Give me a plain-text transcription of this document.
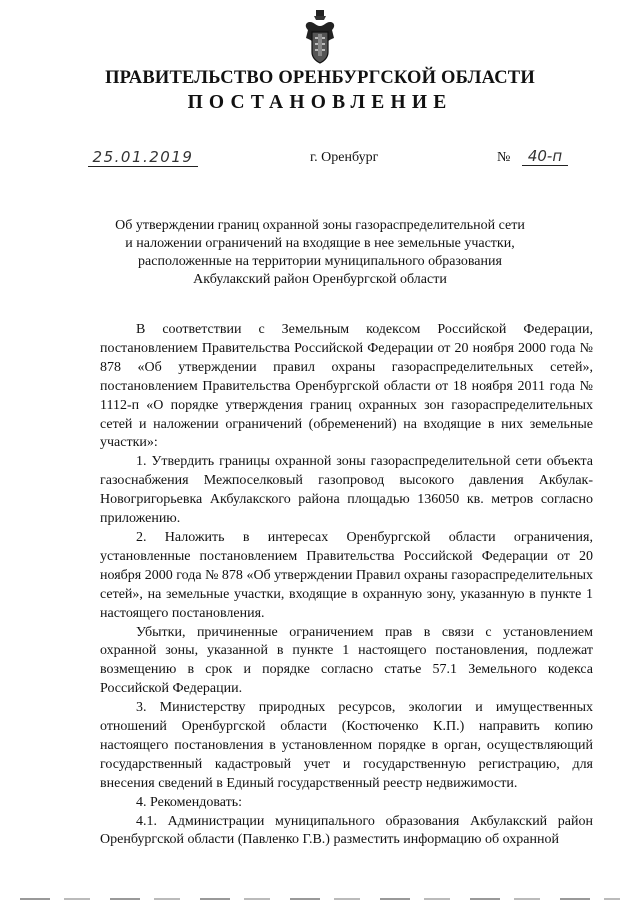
ПРАВИТЕЛЬСТВО ОРЕНБУРГСКОЙ ОБЛАСТИ
ПОСТАНОВЛЕНИЕ
25.01.2019	г. Оренбург	№	40-п
Об утверждении границ охранной зоны газораспределительной сети
и наложении ограничений на входящие в нее земельные участки,
расположенные на территории муниципального образования
Акбулакский район Оренбургской области
В соответствии с Земельным кодексом Российской Федерации, постановлением Правительства Российской Федерации от 20 ноября 2000 года № 878 «Об утверждении правил охраны газораспределительных сетей», постановлением Правительства Оренбургской области от 18 ноября 2011 года № 1112-п «О порядке утверждения границ охранных зон газораспределительных сетей и наложении ограничений (обременений) на входящие в них земельные участки»:
1. Утвердить границы охранной зоны газораспределительной сети объекта газоснабжения Межпоселковый газопровод высокого давления Акбулак-Новогригорьевка Акбулакского района площадью 136050 кв. метров согласно приложению.
2. Наложить в интересах Оренбургской области ограничения, установленные постановлением Правительства Российской Федерации от 20 ноября 2000 года № 878 «Об утверждении Правил охраны газораспределительных сетей», на земельные участки, входящие в охранную зону, указанную в пункте 1 настоящего постановления.
Убытки, причиненные ограничением прав в связи с установлением охранной зоны, указанной в пункте 1 настоящего постановления, подлежат возмещению в срок и порядке согласно статье 57.1 Земельного кодекса Российской Федерации.
3. Министерству природных ресурсов, экологии и имущественных отношений Оренбургской области (Костюченко К.П.) направить копию настоящего постановления в установленном порядке в орган, осуществляющий государственный кадастровый учет и государственную регистрацию, для внесения сведений в Единый государственный реестр недвижимости.
4. Рекомендовать:
4.1. Администрации муниципального образования Акбулакский район Оренбургской области (Павленко Г.В.) разместить информацию об охранной
